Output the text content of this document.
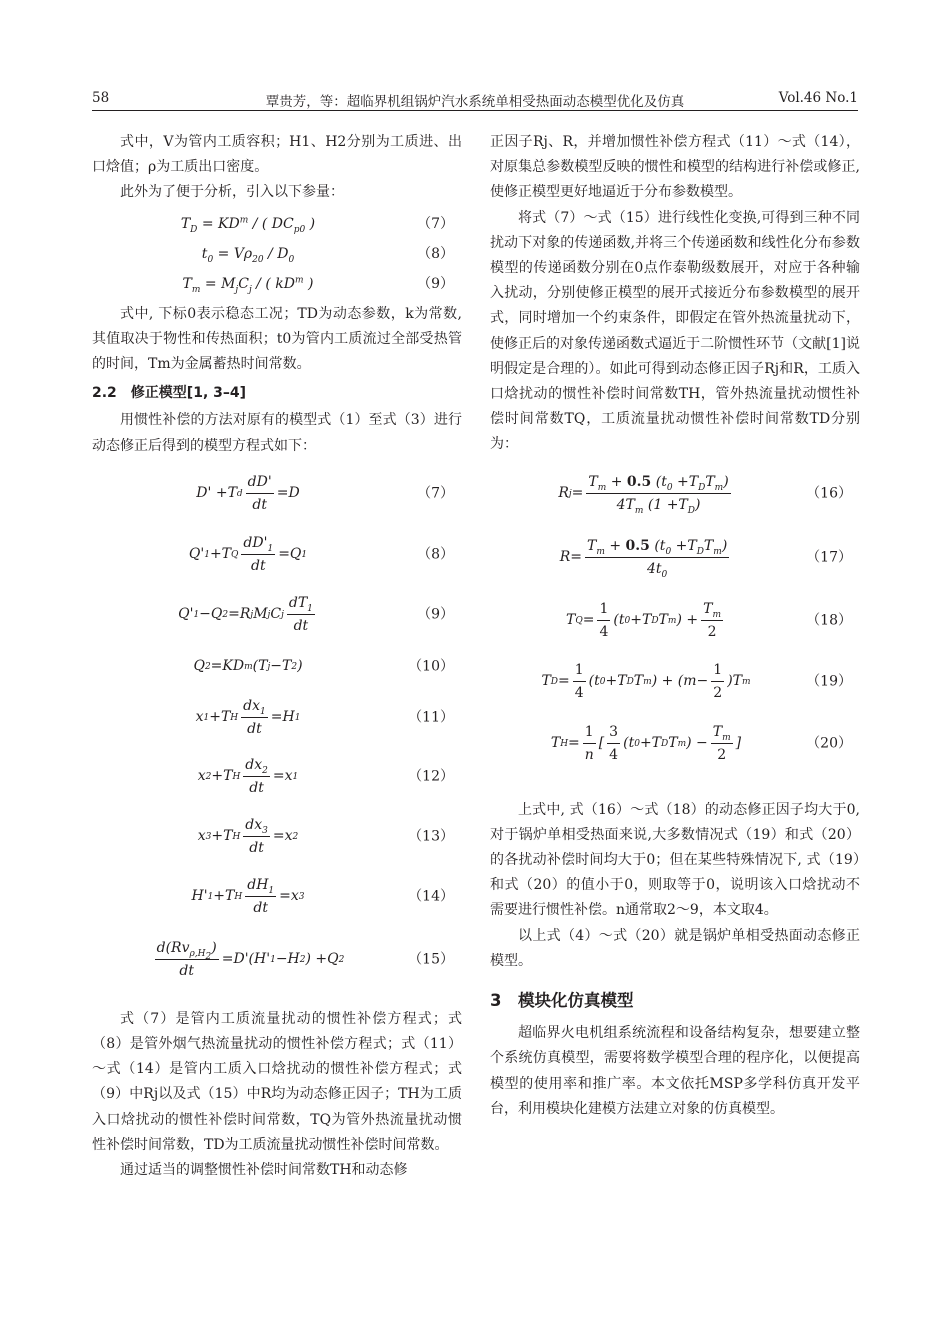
58	覃贵芳，等：超临界机组锅炉汽水系统单相受热面动态模型优化及仿真	Vol.46 No.1

式中，V为管内工质容积；H1、H2分别为工质进、出口焓值；ρ为工质出口密度。

此外为了便于分析，引入以下参量：

$T_D = KD^m$ / ( $DC_{p0}$ )	（7）
$t_0 = V\rho_{20} / D_0$	（8）
$T_m = M_jC_j$ / ( $kD^m$ )	（9）

式中, 下标0表示稳态工况；TD为动态参数，k为常数,其值取决于物性和传热面积；t0为管内工质流过全部受热管的时间，Tm为金属蓄热时间常数。

2.2　修正模型[1, 3–4]

用惯性补偿的方法对原有的模型式（1）至式（3）进行动态修正后得到的模型方程式如下：

D ' + T d $\frac{dD'}{dt} = D$	（7）
Q ' 1 + T Q $\frac{dD'_1}{dt} = Q$ 1	（8）
Q ' 1 − Q 2 = R j M j C j $\frac{dT_1}{dt}$	（9）
Q 2 = KD m ( T j − T 2 )	（10）
x 1 + T H $\frac{dx_1}{dt} = H$ 1	（11）
x 2 + T H $\frac{dx_2}{dt} = x$ 1	（12）
x 3 + T H $\frac{dx_3}{dt} = x$ 2	（13）
H ' 1 + T H $\frac{dH_1}{dt} = x$ 3	（14）
$\frac{d(Rv_{\rho,H_2})}{dt} = D$ '( H ' 1 − H 2 ) + Q 2	（15）

式（7）是管内工质流量扰动的惯性补偿方程式；式（8）是管外烟气热流量扰动的惯性补偿方程式；式（11）～式（14）是管内工质入口焓扰动的惯性补偿方程式；式（9）中Rj以及式（15）中R均为动态修正因子；TH为工质入口焓扰动的惯性补偿时间常数，TQ为管外热流量扰动惯性补偿时间常数，TD为工质流量扰动惯性补偿时间常数。

通过适当的调整惯性补偿时间常数TH和动态修

正因子Rj、R，并增加惯性补偿方程式（11）～式（14），对原集总参数模型反映的惯性和模型的结构进行补偿或修正,使修正模型更好地逼近于分布参数模型。

将式（7）～式（15）进行线性化变换,可得到三种不同扰动下对象的传递函数,并将三个传递函数和线性化分布参数模型的传递函数分别在0点作泰勒级数展开，对应于各种输入扰动，分别使修正模型的展开式接近分布参数模型的展开式，同时增加一个约束条件，即假定在管外热流量扰动下，使修正后的对象传递函数式逼近于二阶惯性环节（文献[1]说明假定是合理的）。如此可得到动态修正因子Rj和R，工质入口焓扰动的惯性补偿时间常数TH，管外热流量扰动惯性补偿时间常数TQ，工质流量扰动惯性补偿时间常数TD分别为：

R $j = \frac{T_m + 0.5 (t_0 +T_DT_m)}{4T_m (1 +T_D)}$	（16）
$R = \frac{T_m + 0.5 (t_0 +T_DT_m)}{4t_0}$	（17）
T $Q = \frac{1}{4}$ ( t 0 + T D T m ) + $\frac{T_m}{2}$	（18）
T $D = \frac{1}{4}$ ( t 0 + T D T m ) + ( $m - \frac{1}{2}$ ) T m	（19）
T $H = \frac{1}{n}$ [ $\frac{3}{4}$ ( t 0 + T D T m ) − $\frac{T_m}{2}$ ]	（20）

上式中, 式（16）～式（18）的动态修正因子均大于0,对于锅炉单相受热面来说,大多数情况式（19）和式（20）的各扰动补偿时间均大于0；但在某些特殊情况下, 式（19）和式（20）的值小于0，则取等于0，说明该入口焓扰动不需要进行惯性补偿。n通常取2～9，本文取4。

以上式（4）～式（20）就是锅炉单相受热面动态修正模型。

3　模块化仿真模型

超临界火电机组系统流程和设备结构复杂，想要建立整个系统仿真模型，需要将数学模型合理的程序化，以便提高模型的使用率和推广率。本文依托MSP多学科仿真开发平台，利用模块化建模方法建立对象的仿真模型。
